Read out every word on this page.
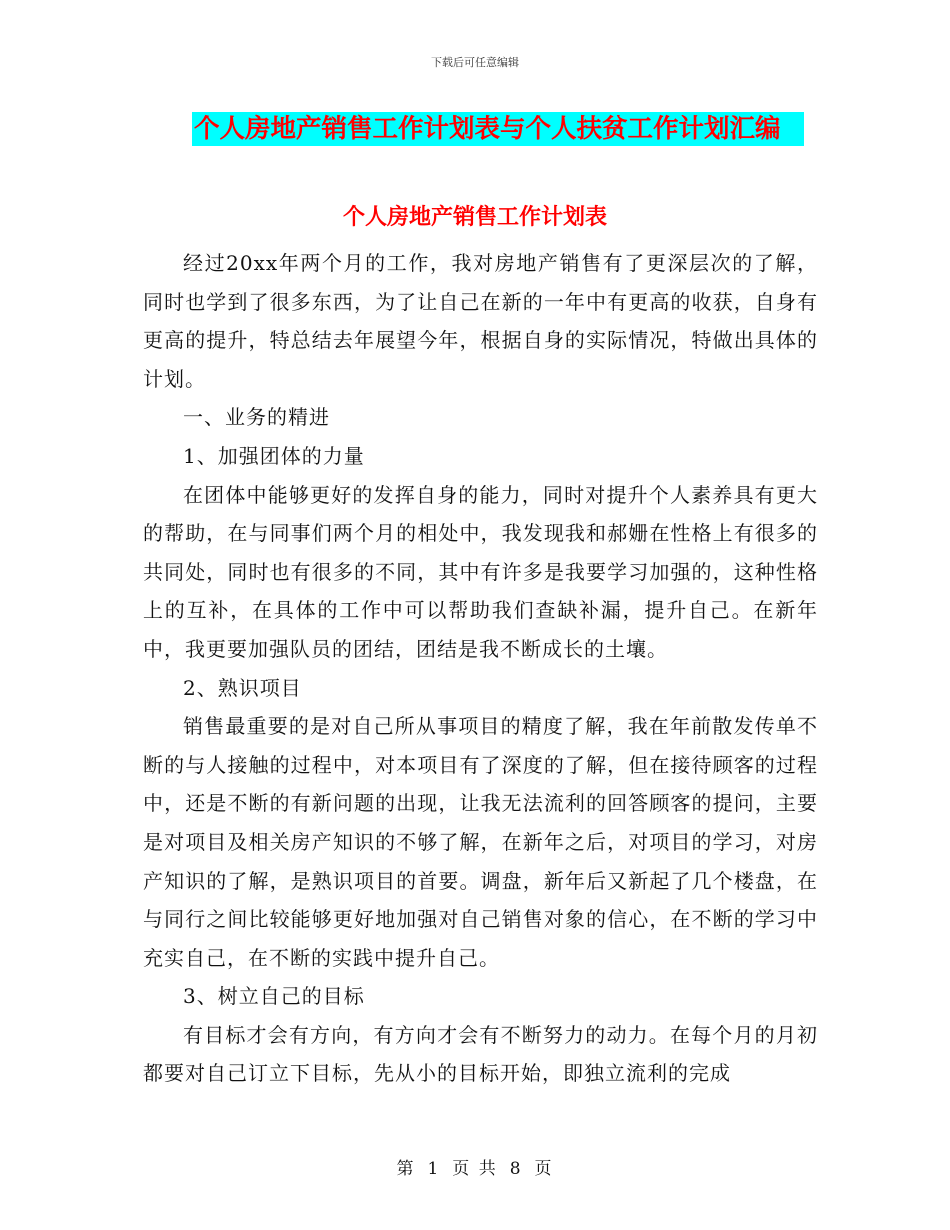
下载后可任意编辑
个人房地产销售工作计划表与个人扶贫工作计划汇编
个人房地产销售工作计划表

经过20xx年两个月的工作，我对房地产销售有了更深层次的了解，同时也学到了很多东西，为了让自己在新的一年中有更高的收获，自身有更高的提升，特总结去年展望今年，根据自身的实际情况，特做出具体的计划。

一、业务的精进

1、加强团体的力量

在团体中能够更好的发挥自身的能力，同时对提升个人素养具有更大的帮助，在与同事们两个月的相处中，我发现我和郝姗在性格上有很多的共同处，同时也有很多的不同，其中有许多是我要学习加强的，这种性格上的互补，在具体的工作中可以帮助我们查缺补漏，提升自己。在新年中，我更要加强队员的团结，团结是我不断成长的土壤。

2、熟识项目

销售最重要的是对自己所从事项目的精度了解，我在年前散发传单不断的与人接触的过程中，对本项目有了深度的了解，但在接待顾客的过程中，还是不断的有新问题的出现，让我无法流利的回答顾客的提问，主要是对项目及相关房产知识的不够了解，在新年之后，对项目的学习，对房产知识的了解，是熟识项目的首要。调盘，新年后又新起了几个楼盘，在与同行之间比较能够更好地加强对自己销售对象的信心，在不断的学习中充实自己，在不断的实践中提升自己。

3、树立自己的目标

有目标才会有方向，有方向才会有不断努力的动力。在每个月的月初都要对自己订立下目标，先从小的目标开始，即独立流利的完成

第 1 页 共 8 页
